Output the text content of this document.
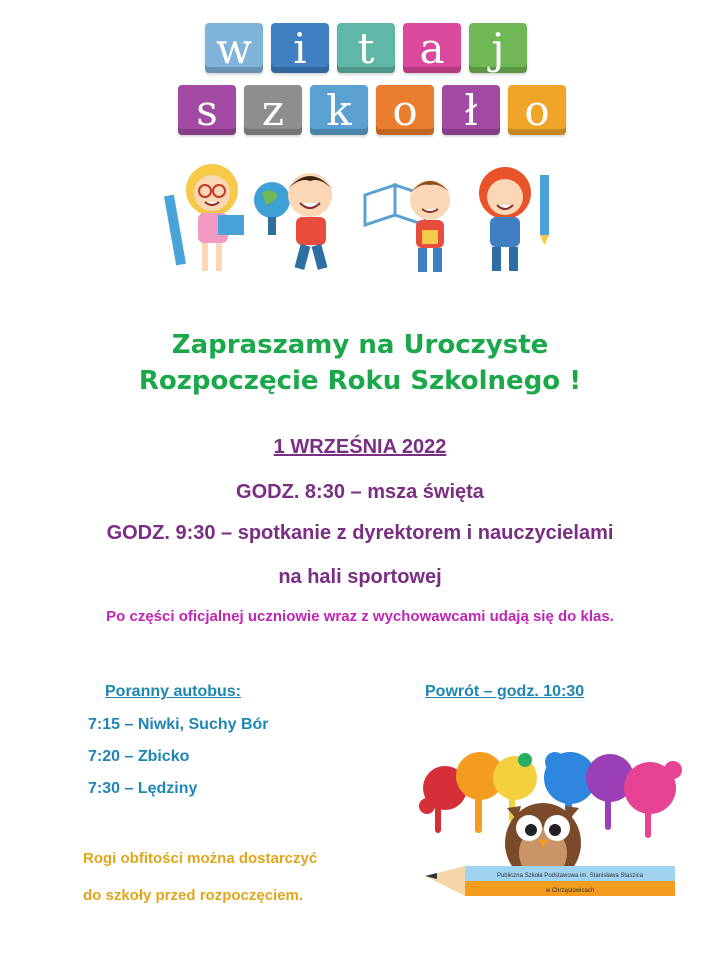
w i	t	a	j
s	z	k o	ł	o
Zapraszamy na Uroczyste
Rozpoczęcie Roku Szkolnego !
1 WRZEŚNIA 2022
GODZ. 8:30 – msza święta
GODZ. 9:30 – spotkanie z dyrektorem i nauczycielami
na hali sportowej
Po części oficjalnej uczniowie wraz z wychowawcami udają się do klas.
Poranny autobus:	Powrót – godz. 10:30
7:15 – Niwki, Suchy Bór
7:20 – Zbicko
7:30 – Lędziny
Rogi obfitości można dostarczyć
do szkoły przed rozpoczęciem.
Publiczna Szkoła Podstawowa im. Stanisława Staszica
w Chrząstowicach
